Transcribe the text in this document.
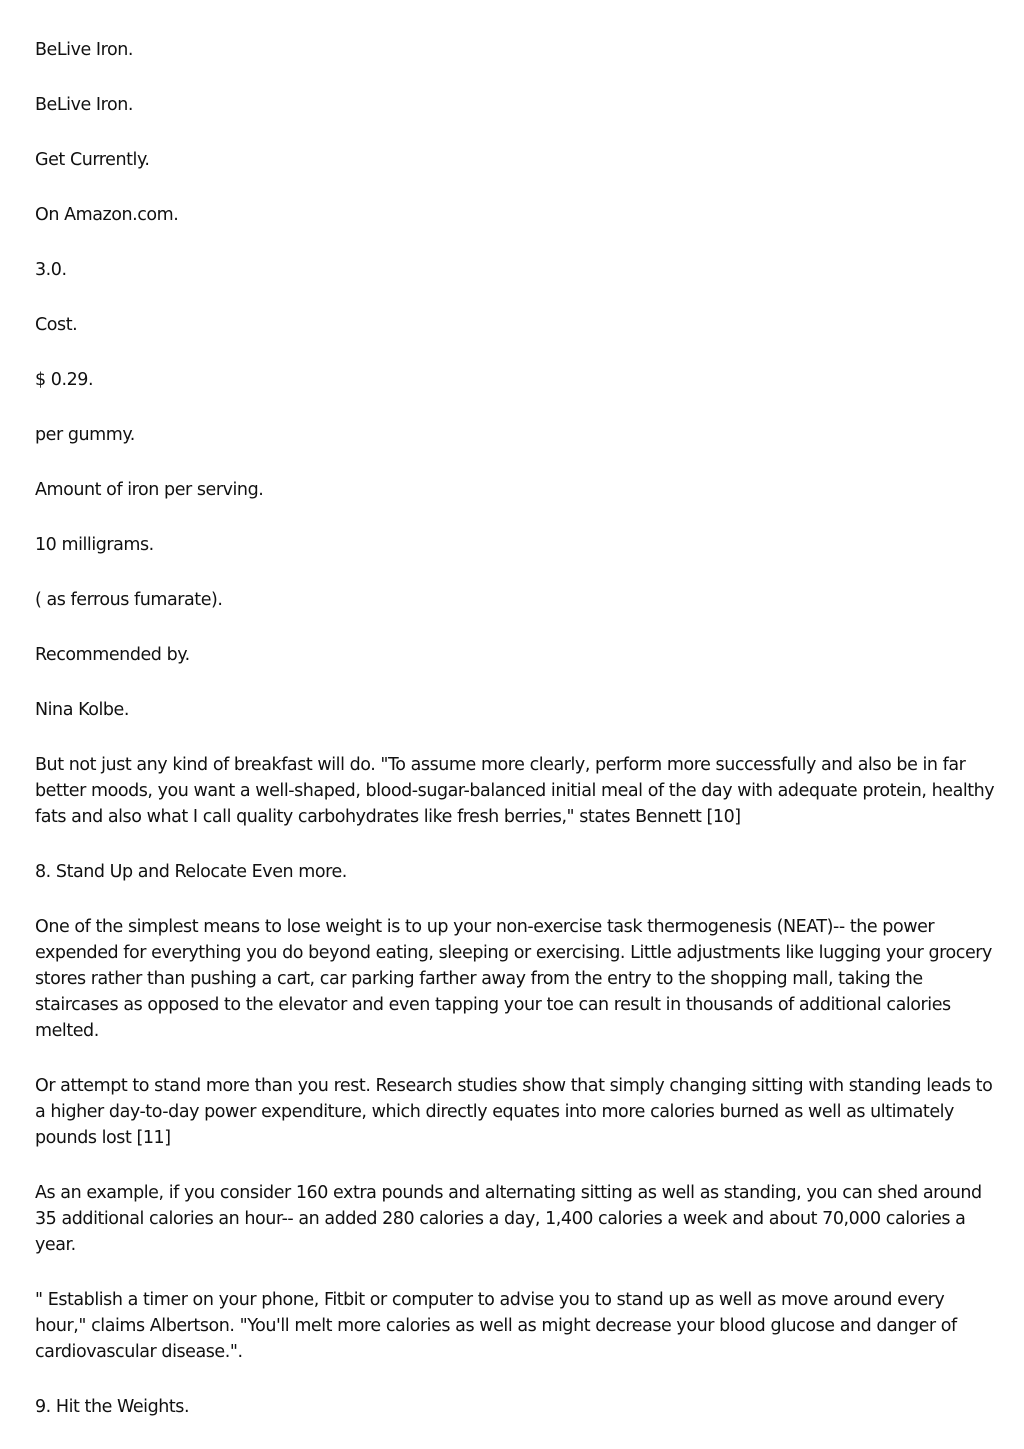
BeLive Iron.

BeLive Iron.

Get Currently.

On Amazon.com.

3.0.

Cost.

$ 0.29.

per gummy.

Amount of iron per serving.

10 milligrams.

( as ferrous fumarate).

Recommended by.

Nina Kolbe.

But not just any kind of breakfast will do. "To assume more clearly, perform more successfully and also be in far better moods, you want a well-shaped, blood-sugar-balanced initial meal of the day with adequate protein, healthy fats and also what I call quality carbohydrates like fresh berries," states Bennett [10]

8. Stand Up and Relocate Even more.

One of the simplest means to lose weight is to up your non-exercise task thermogenesis (NEAT)-- the power expended for everything you do beyond eating, sleeping or exercising. Little adjustments like lugging your grocery stores rather than pushing a cart, car parking farther away from the entry to the shopping mall, taking the staircases as opposed to the elevator and even tapping your toe can result in thousands of additional calories melted.

Or attempt to stand more than you rest. Research studies show that simply changing sitting with standing leads to a higher day-to-day power expenditure, which directly equates into more calories burned as well as ultimately pounds lost [11]

As an example, if you consider 160 extra pounds and alternating sitting as well as standing, you can shed around 35 additional calories an hour-- an added 280 calories a day, 1,400 calories a week and about 70,000 calories a year.

" Establish a timer on your phone, Fitbit or computer to advise you to stand up as well as move around every hour," claims Albertson. "You'll melt more calories as well as might decrease your blood glucose and danger of cardiovascular disease.".

9. Hit the Weights.
